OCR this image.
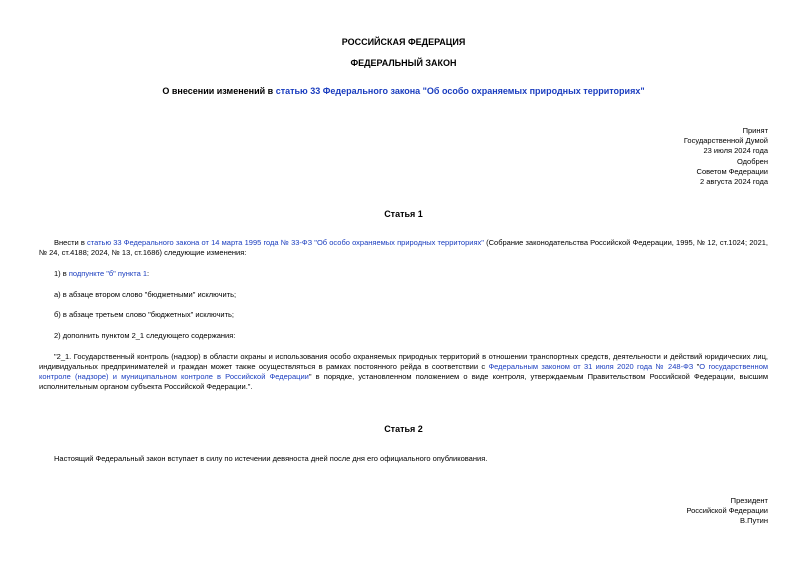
РОССИЙСКАЯ ФЕДЕРАЦИЯ
ФЕДЕРАЛЬНЫЙ ЗАКОН
О внесении изменений в статью 33 Федерального закона "Об особо охраняемых природных территориях"
Принят
Государственной Думой
23 июля 2024 года
Одобрен
Советом Федерации
2 августа 2024 года
Статья 1
Внести в статью 33 Федерального закона от 14 марта 1995 года № 33-ФЗ "Об особо охраняемых природных территориях" (Собрание законодательства Российской Федерации, 1995, № 12, ст.1024; 2021, № 24, ст.4188; 2024, № 13, ст.1686) следующие изменения:
1) в подпункте "б" пункта 1:
а) в абзаце втором слово "бюджетными" исключить;
б) в абзаце третьем слово "бюджетных" исключить;
2) дополнить пунктом 2_1 следующего содержания:
"2_1. Государственный контроль (надзор) в области охраны и использования особо охраняемых природных территорий в отношении транспортных средств, деятельности и действий юридических лиц, индивидуальных предпринимателей и граждан может также осуществляться в рамках постоянного рейда в соответствии с Федеральным законом от 31 июля 2020 года № 248-ФЗ "О государственном контроле (надзоре) и муниципальном контроле в Российской Федерации" в порядке, установленном положением о виде контроля, утверждаемым Правительством Российской Федерации, высшим исполнительным органом субъекта Российской Федерации.".
Статья 2
Настоящий Федеральный закон вступает в силу по истечении девяноста дней после дня его официального опубликования.
Президент
Российской Федерации
В.Путин
